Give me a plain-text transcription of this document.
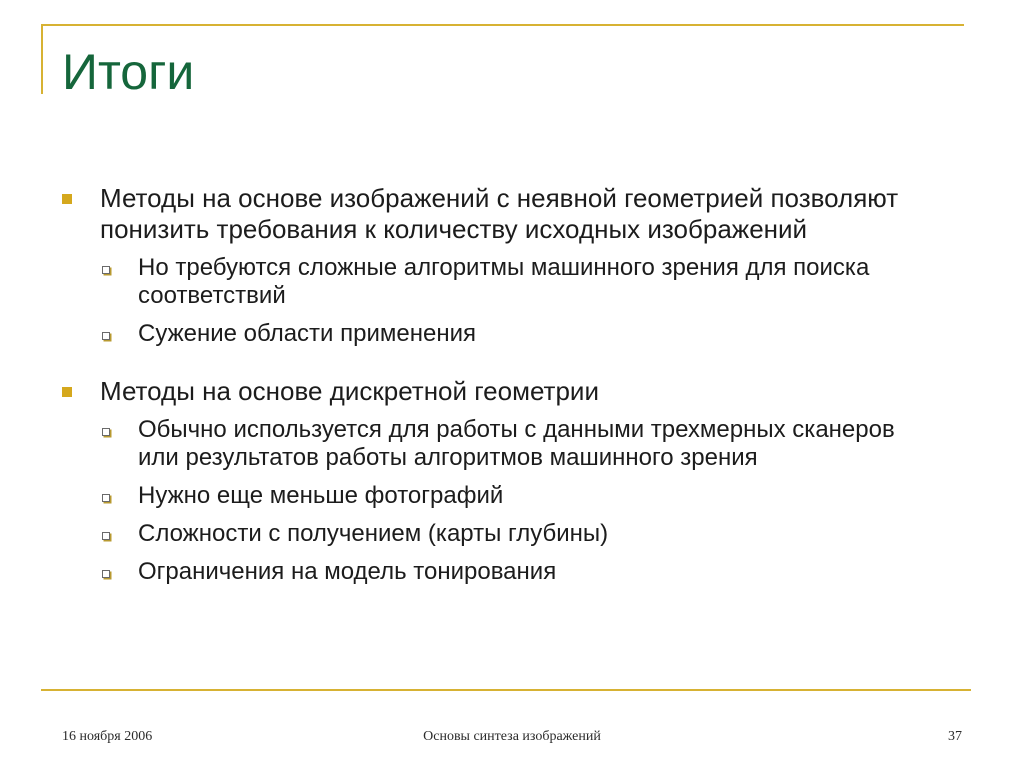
Итоги
Методы на основе изображений с неявной геометрией позволяют понизить требования к количеству исходных изображений
Но требуются сложные алгоритмы машинного зрения для поиска соответствий
Сужение области применения
Методы на основе дискретной геометрии
Обычно используется для работы с данными трехмерных сканеров или результатов работы алгоритмов машинного зрения
Нужно еще меньше фотографий
Сложности с получением (карты глубины)
Ограничения на модель тонирования
16 ноября 2006	Основы синтеза изображений	37
